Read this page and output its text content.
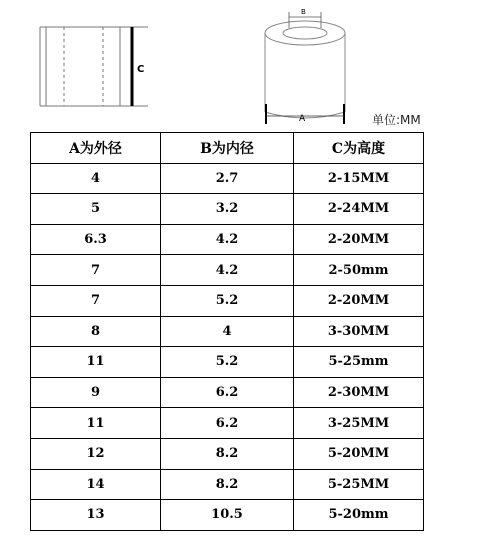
C
B
A	单位:MM
A为外径	B为内径	C为高度
4	2.7	2-15MM
5	3.2	2-24MM
6.3	4.2	2-20MM
7	4.2	2-50mm
7	5.2	2-20MM
8	4	3-30MM
11	5.2	5-25mm
9	6.2	2-30MM
11	6.2	3-25MM
12	8.2	5-20MM
14	8.2	5-25MM
13	10.5	5-20mm
